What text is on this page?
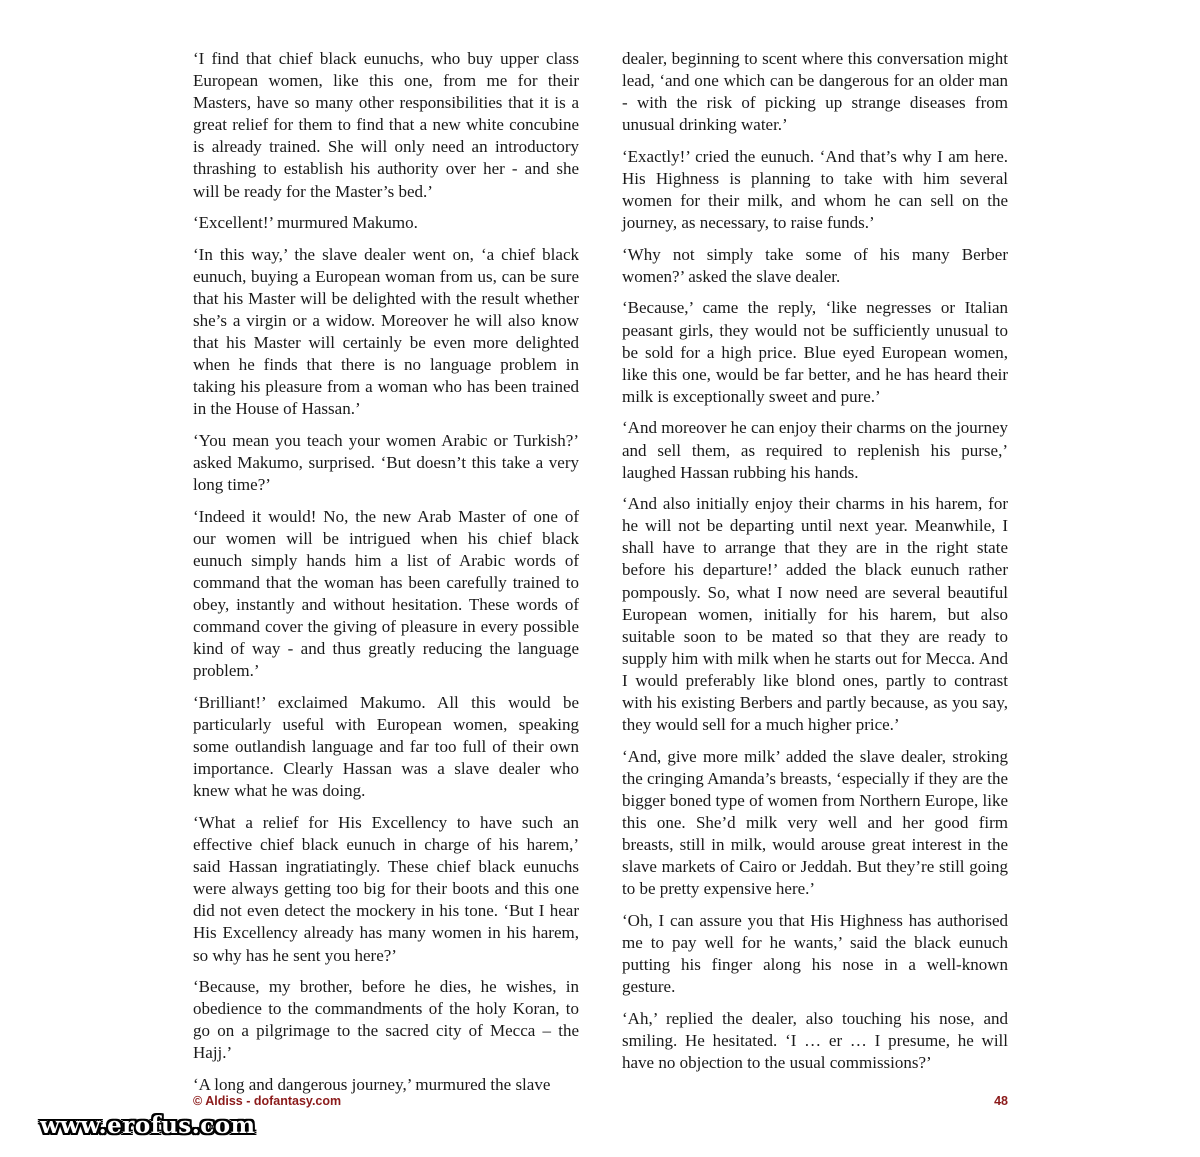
‘I find that chief black eunuchs, who buy upper class European women, like this one, from me for their Masters, have so many other responsibilities that it is a great relief for them to find that a new white concubine is already trained. She will only need an introductory thrashing to establish his authority over her - and she will be ready for the Master’s bed.’

‘Excellent!’ murmured Makumo.

‘In this way,’ the slave dealer went on, ‘a chief black eunuch, buying a European woman from us, can be sure that his Master will be delighted with the result whether she’s a virgin or a widow. Moreover he will also know that his Master will certainly be even more delighted when he finds that there is no language problem in taking his pleasure from a woman who has been trained in the House of Hassan.’

‘You mean you teach your women Arabic or Turkish?’ asked Makumo, surprised. ‘But doesn’t this take a very long time?’

‘Indeed it would! No, the new Arab Master of one of our women will be intrigued when his chief black eunuch simply hands him a list of Arabic words of command that the woman has been carefully trained to obey, instantly and without hesitation. These words of command cover the giving of pleasure in every possible kind of way - and thus greatly reducing the language problem.’

‘Brilliant!’ exclaimed Makumo. All this would be particularly useful with European women, speaking some outlandish language and far too full of their own importance. Clearly Hassan was a slave dealer who knew what he was doing.

‘What a relief for His Excellency to have such an effective chief black eunuch in charge of his harem,’ said Hassan ingratiatingly. These chief black eunuchs were always getting too big for their boots and this one did not even detect the mockery in his tone. ‘But I hear His Excellency already has many women in his harem, so why has he sent you here?’

‘Because, my brother, before he dies, he wishes, in obedience to the commandments of the holy Koran, to go on a pilgrimage to the sacred city of Mecca – the Hajj.’

‘A long and dangerous journey,’ murmured the slave

dealer, beginning to scent where this conversation might lead, ‘and one which can be dangerous for an older man - with the risk of picking up strange diseases from unusual drinking water.’

‘Exactly!’ cried the eunuch. ‘And that’s why I am here. His Highness is planning to take with him several women for their milk, and whom he can sell on the journey, as necessary, to raise funds.’

‘Why not simply take some of his many Berber women?’ asked the slave dealer.

‘Because,’ came the reply, ‘like negresses or Italian peasant girls, they would not be sufficiently unusual to be sold for a high price. Blue eyed European women, like this one, would be far better, and he has heard their milk is exceptionally sweet and pure.’

‘And moreover he can enjoy their charms on the journey and sell them, as required to replenish his purse,’ laughed Hassan rubbing his hands.

‘And also initially enjoy their charms in his harem, for he will not be departing until next year. Meanwhile, I shall have to arrange that they are in the right state before his departure!’ added the black eunuch rather pompously. So, what I now need are several beautiful European women, initially for his harem, but also suitable soon to be mated so that they are ready to supply him with milk when he starts out for Mecca. And I would preferably like blond ones, partly to contrast with his existing Berbers and partly because, as you say, they would sell for a much higher price.’

‘And, give more milk’ added the slave dealer, stroking the cringing Amanda’s breasts, ‘especially if they are the bigger boned type of women from Northern Europe, like this one. She’d milk very well and her good firm breasts, still in milk, would arouse great interest in the slave markets of Cairo or Jeddah. But they’re still going to be pretty expensive here.’

‘Oh, I can assure you that His Highness has authorised me to pay well for he wants,’ said the black eunuch putting his finger along his nose in a well-known gesture.

‘Ah,’ replied the dealer, also touching his nose, and smiling. He hesitated. ‘I … er … I presume, he will have no objection to the usual commissions?’

© Aldiss - dofantasy.com	48
www.erofus.com
